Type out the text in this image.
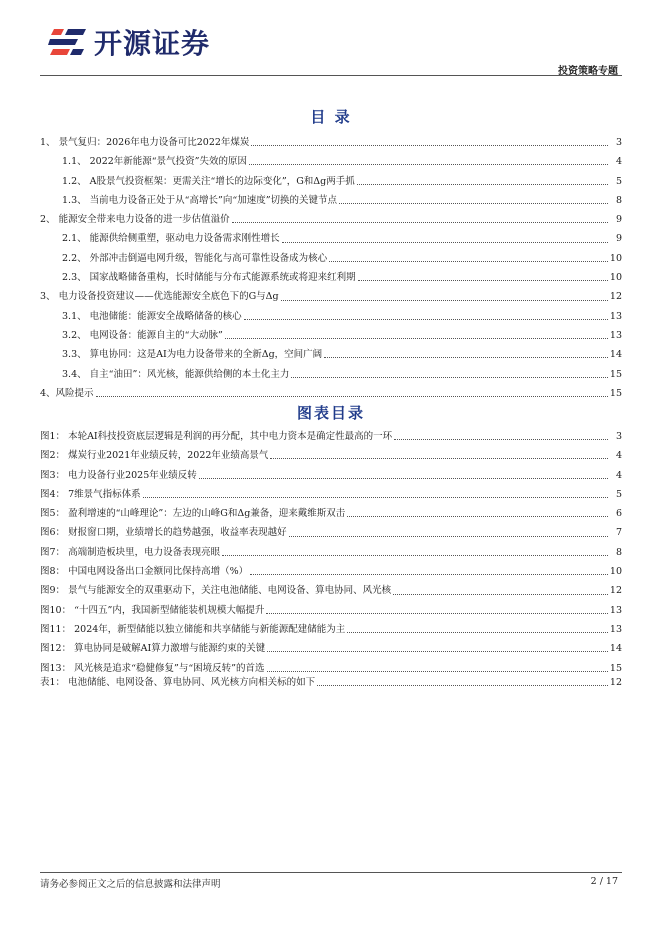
开源证券
投资策略专题
目 录
1、 景气复归：2026年电力设备可比2022年煤炭	3
1.1、 2022年新能源“景气投资”失效的原因	4
1.2、 A股景气投资框架：更需关注“增长的边际变化”，G和Δg两手抓	5
1.3、 当前电力设备正处于从“高增长”向“加速度”切换的关键节点	8
2、 能源安全带来电力设备的进一步估值溢价	9
2.1、 能源供给侧重塑，驱动电力设备需求刚性增长	9
2.2、 外部冲击倒逼电网升级，智能化与高可靠性设备成为核心	10
2.3、 国家战略储备重构，长时储能与分布式能源系统或将迎来红利期	10
3、 电力设备投资建议——优选能源安全底色下的G与Δg	12
3.1、 电池储能：能源安全战略储备的核心	13
3.2、 电网设备：能源自主的“大动脉”	13
3.3、 算电协同：这是AI为电力设备带来的全新Δg，空间广阔	14
3.4、 自主“油田”：风光核，能源供给侧的本土化主力	15
4、风险提示	15
图表目录
图1： 本轮AI科技投资底层逻辑是利润的再分配，其中电力资本是确定性最高的一环	3
图2： 煤炭行业2021年业绩反转，2022年业绩高景气	4
图3： 电力设备行业2025年业绩反转	4
图4： 7维景气指标体系	5
图5： 盈利增速的“山峰理论”：左边的山峰G和Δg兼备，迎来戴维斯双击	6
图6： 财报窗口期，业绩增长的趋势越强，收益率表现越好	7
图7： 高端制造板块里，电力设备表现亮眼	8
图8： 中国电网设备出口金额同比保持高增（%）	10
图9： 景气与能源安全的双重驱动下，关注电池储能、电网设备、算电协同、风光核	12
图10： “十四五”内，我国新型储能装机规模大幅提升	13
图11： 2024年，新型储能以独立储能和共享储能与新能源配建储能为主	13
图12： 算电协同是破解AI算力激增与能源约束的关键	14
图13： 风光核是追求“稳健修复”与“困境反转”的首选	15
表1： 电池储能、电网设备、算电协同、风光核方向相关标的如下	12
请务必参阅正文之后的信息披露和法律声明	2 / 17
